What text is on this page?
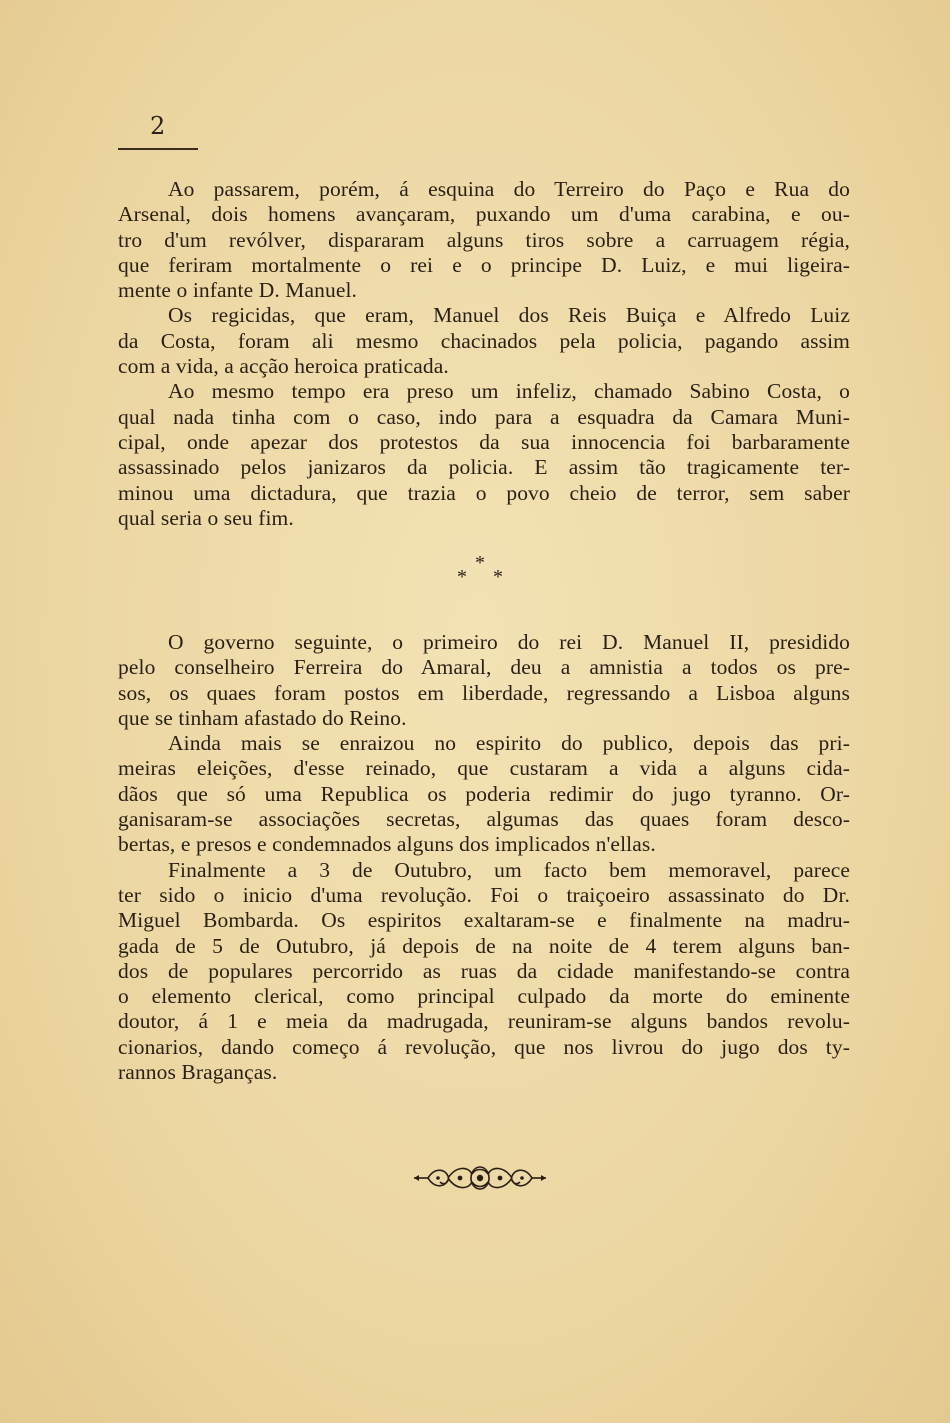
2
Ao passarem, porém, á esquina do Terreiro do Paço e Rua do
Arsenal, dois homens avançaram, puxando um d'uma carabina, e ou-
tro d'um revólver, dispararam alguns tiros sobre a carruagem régia,
que feriram mortalmente o rei e o principe D. Luiz, e mui ligeira-
mente o infante D. Manuel.
Os regicidas, que eram, Manuel dos Reis Buiça e Alfredo Luiz
da Costa, foram ali mesmo chacinados pela policia, pagando assim
com a vida, a acção heroica praticada.
Ao mesmo tempo era preso um infeliz, chamado Sabino Costa, o
qual nada tinha com o caso, indo para a esquadra da Camara Muni-
cipal, onde apezar dos protestos da sua innocencia foi barbaramente
assassinado pelos janizaros da policia. E assim tão tragicamente ter-
minou uma dictadura, que trazia o povo cheio de terror, sem saber
qual seria o seu fim.
*
* *
O governo seguinte, o primeiro do rei D. Manuel II, presidido
pelo conselheiro Ferreira do Amaral, deu a amnistia a todos os pre-
sos, os quaes foram postos em liberdade, regressando a Lisboa alguns
que se tinham afastado do Reino.
Ainda mais se enraizou no espirito do publico, depois das pri-
meiras eleições, d'esse reinado, que custaram a vida a alguns cida-
dãos que só uma Republica os poderia redimir do jugo tyranno. Or-
ganisaram-se associações secretas, algumas das quaes foram desco-
bertas, e presos e condemnados alguns dos implicados n'ellas.
Finalmente a 3 de Outubro, um facto bem memoravel, parece
ter sido o inicio d'uma revolução. Foi o traiçoeiro assassinato do Dr.
Miguel Bombarda. Os espiritos exaltaram-se e finalmente na madru-
gada de 5 de Outubro, já depois de na noite de 4 terem alguns ban-
dos de populares percorrido as ruas da cidade manifestando-se contra
o elemento clerical, como principal culpado da morte do eminente
doutor, á 1 e meia da madrugada, reuniram-se alguns bandos revolu-
cionarios, dando começo á revolução, que nos livrou do jugo dos ty-
rannos Braganças.
